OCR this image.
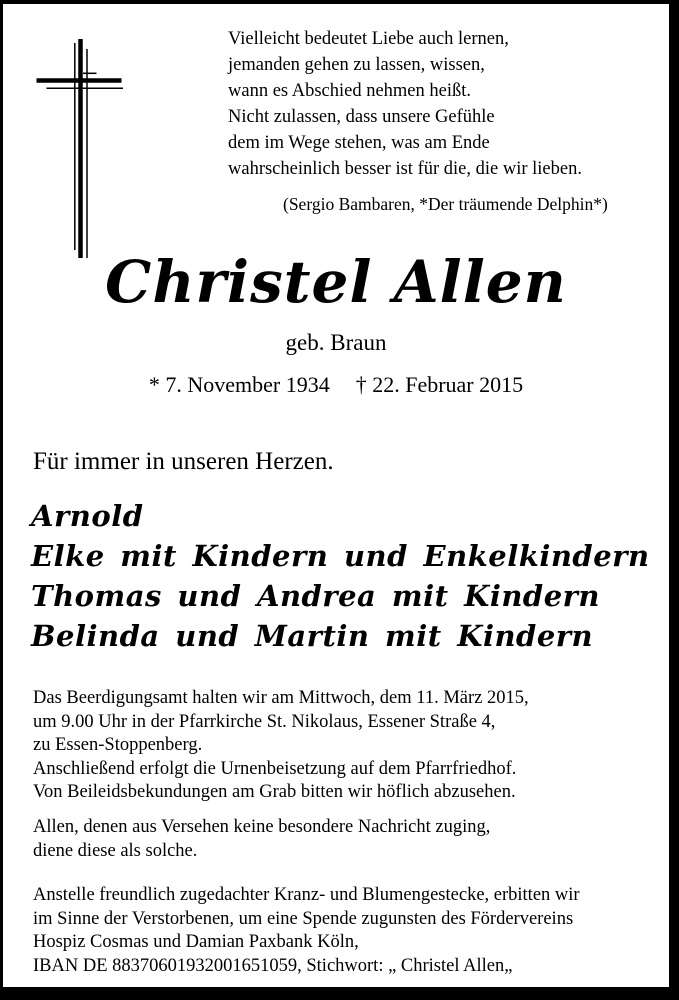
Vielleicht bedeutet Liebe auch lernen,
jemanden gehen zu lassen, wissen,
wann es Abschied nehmen heißt.
Nicht zulassen, dass unsere Gefühle
dem im Wege stehen, was am Ende
wahrscheinlich besser ist für die, die wir lieben.
(Sergio Bambaren, *Der träumende Delphin*)
Christel Allen
geb. Braun
* 7. November 1934 † 22. Februar 2015
Für immer in unseren Herzen.
Arnold
Elke mit Kindern und Enkelkindern
Thomas und Andrea mit Kindern
Belinda und Martin mit Kindern
Das Beerdigungsamt halten wir am Mittwoch, dem 11. März 2015,
um 9.00 Uhr in der Pfarrkirche St. Nikolaus, Essener Straße 4,
zu Essen-Stoppenberg.
Anschließend erfolgt die Urnenbeisetzung auf dem Pfarrfriedhof.
Von Beileidsbekundungen am Grab bitten wir höflich abzusehen.
Allen, denen aus Versehen keine besondere Nachricht zuging,
diene diese als solche.
Anstelle freundlich zugedachter Kranz- und Blumengestecke, erbitten wir
im Sinne der Verstorbenen, um eine Spende zugunsten des Fördervereins
Hospiz Cosmas und Damian Paxbank Köln,
IBAN DE 88370601932001651059, Stichwort: „ Christel Allen„
